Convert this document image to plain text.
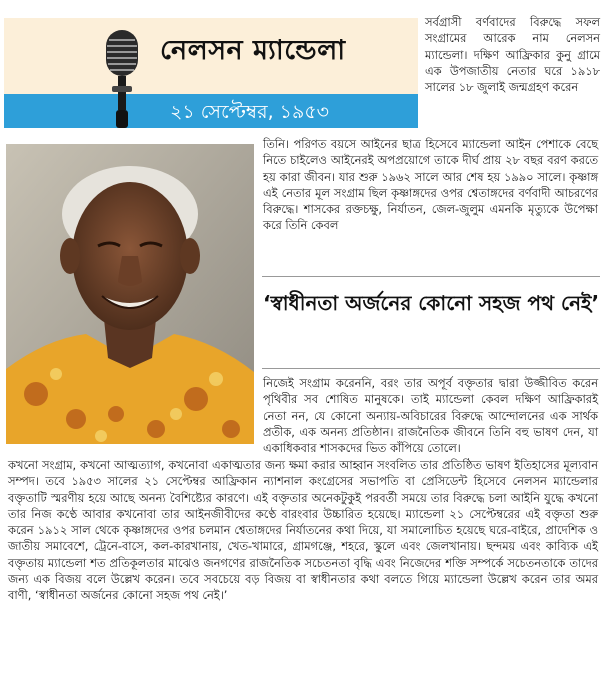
নেলসন ম্যান্ডেলা
২১ সেপ্টেম্বর, ১৯৫৩

সর্বগ্রাসী বর্ণবাদের বিরুদ্ধে সফল সংগ্রামের আরেক নাম নেলসন ম্যান্ডেলা। দক্ষিণ আফ্রিকার কুনু গ্রামে এক উপজাতীয় নেতার ঘরে ১৯১৮ সালের ১৮ জুলাই জন্মগ্রহণ করেন

তিনি। পরিণত বয়সে আইনের ছাত্র হিসেবে ম্যান্ডেলা আইন পেশাকে বেছে নিতে চাইলেও আইনেরই অপপ্রয়োগে তাকে দীর্ঘ প্রায় ২৮ বছর বরণ করতে হয় কারা জীবন। যার শুরু ১৯৬২ সালে আর শেষ হয় ১৯৯০ সালে। কৃষ্ণাঙ্গ এই নেতার মূল সংগ্রাম ছিল কৃষ্ণাঙ্গদের ওপর শ্বেতাঙ্গদের বর্ণবাদী আচরণের বিরুদ্ধে। শাসকের রক্তচক্ষু, নির্যাতন, জেল-জুলুম এমনকি মৃত্যুকে উপেক্ষা করে তিনি কেবল

‘স্বাধীনতা অর্জনের কোনো সহজ পথ নেই’

নিজেই সংগ্রাম করেননি, বরং তার অপূর্ব বক্তৃতার দ্বারা উজ্জীবিত করেন পৃথিবীর সব শোষিত মানুষকে। তাই ম্যান্ডেলা কেবল দক্ষিণ আফ্রিকারই নেতা নন, যে কোনো অন্যায়-অবিচারের বিরুদ্ধে আন্দোলনের এক সার্থক প্রতীক, এক অনন্য প্রতিষ্ঠান। রাজনৈতিক জীবনে তিনি বহু ভাষণ দেন, যা একাধিকবার শাসকদের ভিত কাঁপিয়ে তোলে।

কখনো সংগ্রাম, কখনো আত্মত্যাগ, কখনোবা একাত্মতার জন্য ক্ষমা করার আহ্বান সংবলিত তার প্রতিষ্ঠিত ভাষণ ইতিহাসের মূল্যবান সম্পদ। তবে ১৯৫৩ সালের ২১ সেপ্টেম্বর আফ্রিকান ন্যাশনাল কংগ্রেসের সভাপতি বা প্রেসিডেন্ট হিসেবে নেলসন ম্যান্ডেলার বক্তৃতাটি স্মরণীয় হয়ে আছে অনন্য বৈশিষ্ট্যের কারণে। এই বক্তৃতার অনেকটুকুই পরবর্তী সময়ে তার বিরুদ্ধে চলা আইনি যুদ্ধে কখনো তার নিজ কণ্ঠে আবার কখনোবা তার আইনজীবীদের কণ্ঠে বারংবার উচ্চারিত হয়েছে। ম্যান্ডেলা ২১ সেপ্টেম্বরের এই বক্তৃতা শুরু করেন ১৯১২ সাল থেকে কৃষ্ণাঙ্গদের ওপর চলমান শ্বেতাঙ্গদের নির্যাতনের কথা দিয়ে, যা সমালোচিত হয়েছে ঘরে-বাইরে, প্রাদেশিক ও জাতীয় সমাবেশে, ট্রেনে-বাসে, কল-কারখানায়, খেত-খামারে, গ্রামগঞ্জে, শহরে, স্কুলে এবং জেলখানায়। ছন্দময় এবং কাব্যিক এই বক্তৃতায় ম্যান্ডেলা শত প্রতিকূলতার মাঝেও জনগণের রাজনৈতিক সচেতনতা বৃদ্ধি এবং নিজেদের শক্তি সম্পর্কে সচেতনতাকে তাদের জন্য এক বিজয় বলে উল্লেখ করেন। তবে সবচেয়ে বড় বিজয় বা স্বাধীনতার কথা বলতে গিয়ে ম্যান্ডেলা উল্লেখ করেন তার অমর বাণী, ‘স্বাধীনতা অর্জনের কোনো সহজ পথ নেই।’
